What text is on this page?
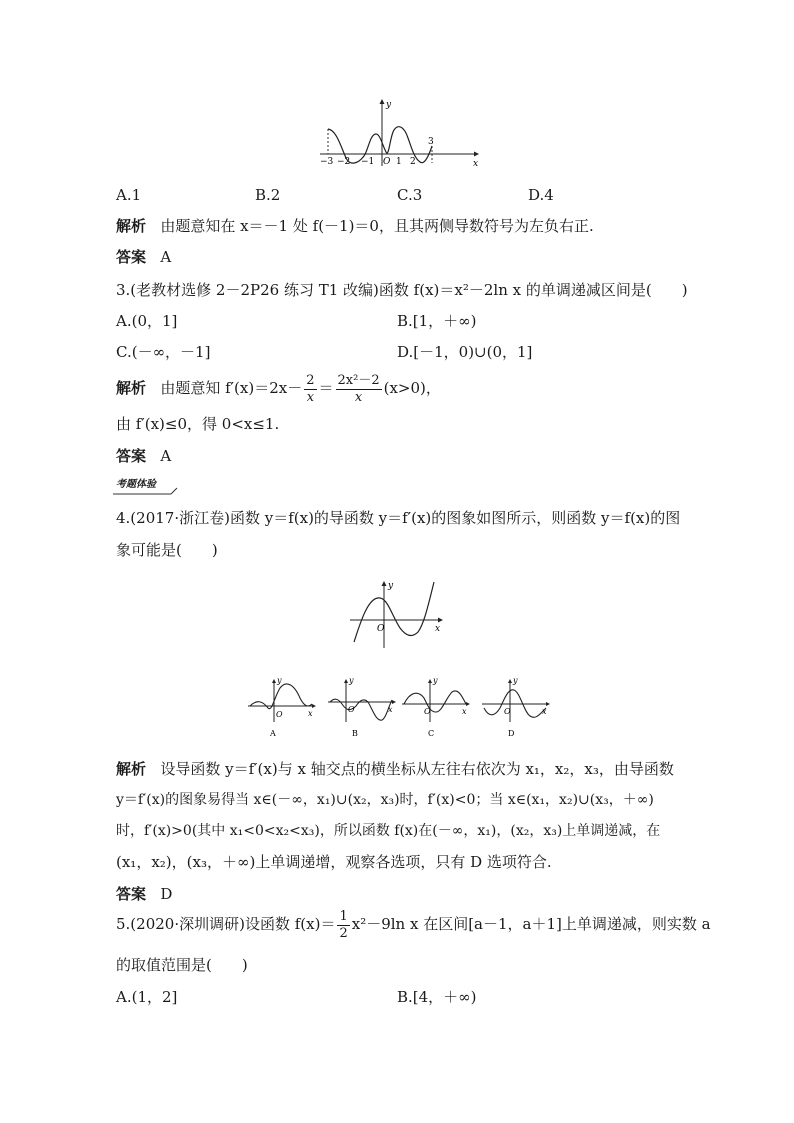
y
x
O
−3 −2 −1 1 2
3
A.1	B.2	C.3	D.4
解析 由题意知在 x＝－1 处 f(－1)＝0，且其两侧导数符号为左负右正.
答案 A
3.(老教材选修 2－2P26 练习 T1 改编)函数 f(x)＝x²－2ln x 的单调递减区间是(　　)
A.(0，1]	B.[1，＋∞)
C.(－∞，－1]	D.[－1，0)∪(0，1]
解析 由题意知 $f'(x)=2x- \frac{2}{x} = \frac{\text{2x²－2}}{x} (x>0)$，
由 f′(x)≤0，得 0<x≤1.
答案 A
考题体验
4.(2017·浙江卷)函数 y＝f(x)的导函数 y＝f′(x)的图象如图所示，则函数 y＝f(x)的图
象可能是(　　)
y
x
O
y
x
O
A
y
x
O
B
y
x
O
C
y
x
O
D
解析 设导函数 y＝f′(x)与 x 轴交点的横坐标从左往右依次为 x₁，x₂，x₃，由导函数
y＝f′(x)的图象易得当 x∈(－∞，x₁)∪(x₂，x₃)时，f′(x)<0；当 x∈(x₁，x₂)∪(x₃，＋∞)
时，f′(x)>0(其中 x₁<0<x₂<x₃)，所以函数 f(x)在(－∞，x₁)，(x₂，x₃)上单调递减，在
(x₁，x₂)，(x₃，＋∞)上单调递增，观察各选项，只有 D 选项符合.
答案 D
5.(2020·深圳调研)设函数 $f(x)= \frac{1}{2} x^2-9\ln$ x 在区间[a－1，a＋1]上单调递减，则实数 a
的取值范围是(　　)
A.(1，2]	B.[4，＋∞)
